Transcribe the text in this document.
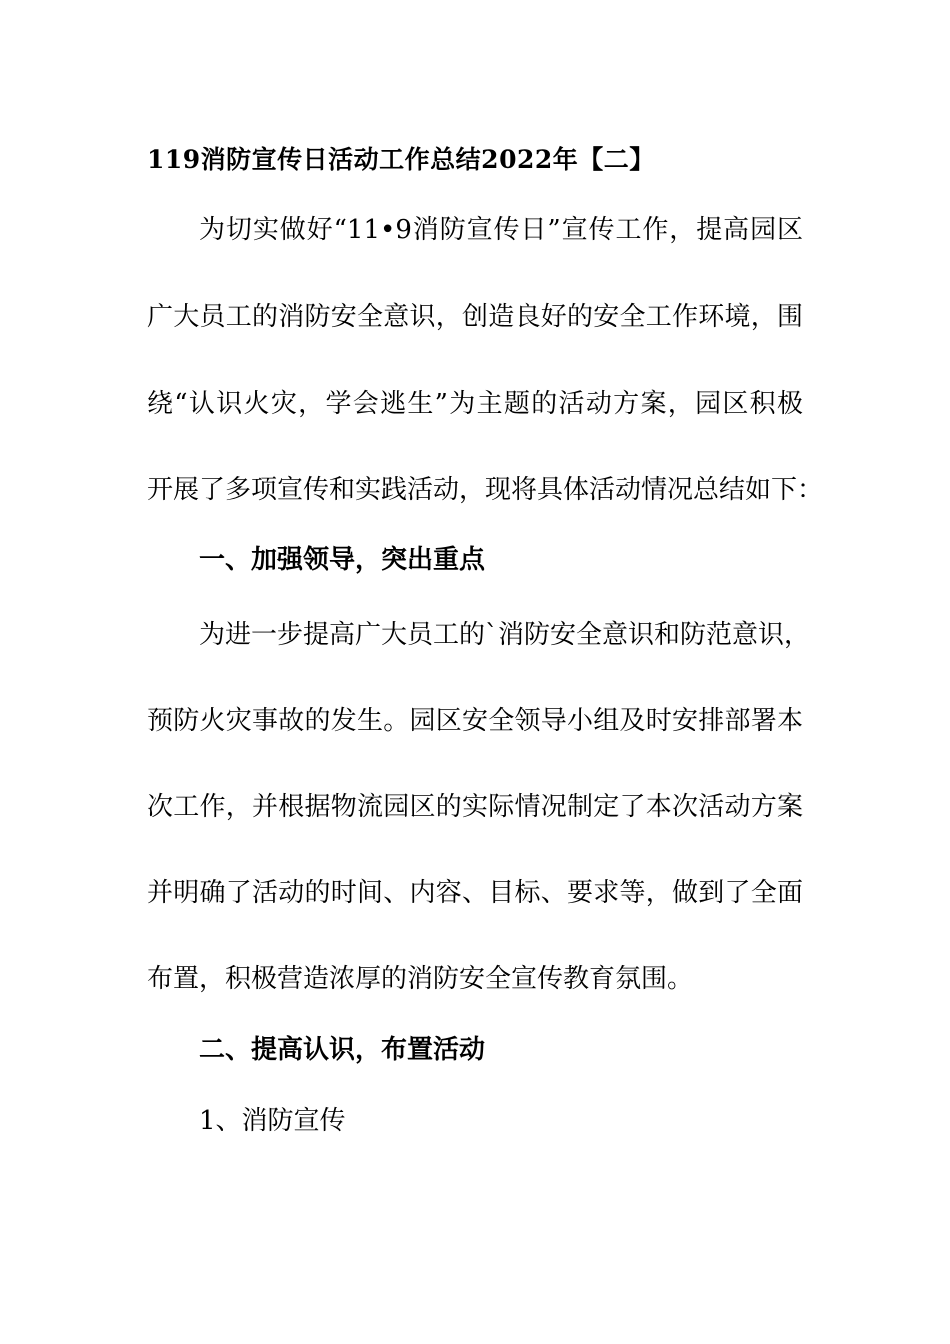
119消防宣传日活动工作总结2022年【二】
为切实做好“11•9消防宣传日”宣传工作，提高园区
广大员工的消防安全意识，创造良好的安全工作环境，围
绕“认识火灾，学会逃生”为主题的活动方案，园区积极
开展了多项宣传和实践活动，现将具体活动情况总结如下：
一、加强领导，突出重点
为进一步提高广大员工的`消防安全意识和防范意识，
预防火灾事故的发生。园区安全领导小组及时安排部署本
次工作，并根据物流园区的实际情况制定了本次活动方案
并明确了活动的时间、内容、目标、要求等，做到了全面
布置，积极营造浓厚的消防安全宣传教育氛围。
二、提高认识，布置活动
1、消防宣传
